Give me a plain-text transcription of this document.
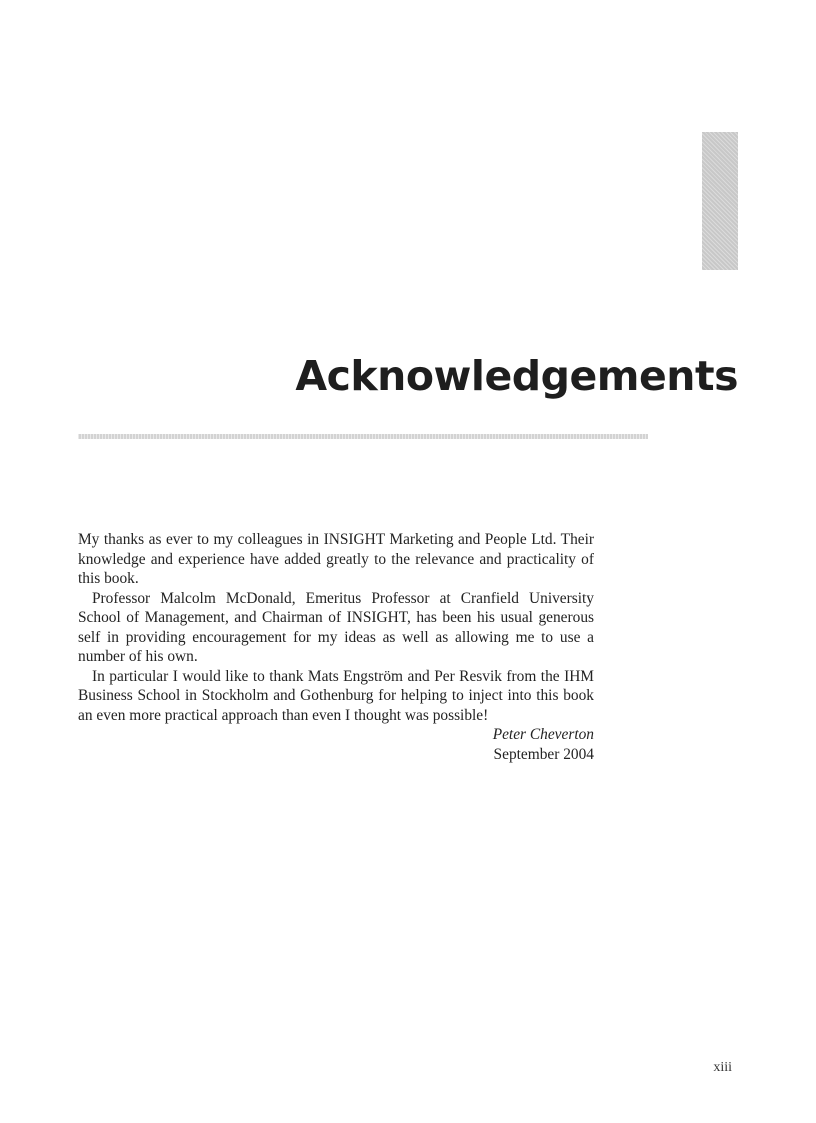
Acknowledgements

My thanks as ever to my colleagues in INSIGHT Marketing and People Ltd. Their knowledge and experience have added greatly to the relevance and practicality of this book.

Professor Malcolm McDonald, Emeritus Professor at Cranfield University School of Management, and Chairman of INSIGHT, has been his usual generous self in providing encouragement for my ideas as well as allowing me to use a number of his own.

In particular I would like to thank Mats Engström and Per Resvik from the IHM Business School in Stockholm and Gothenburg for helping to inject into this book an even more practical approach than even I thought was possible!

Peter Cheverton
September 2004
xiii
